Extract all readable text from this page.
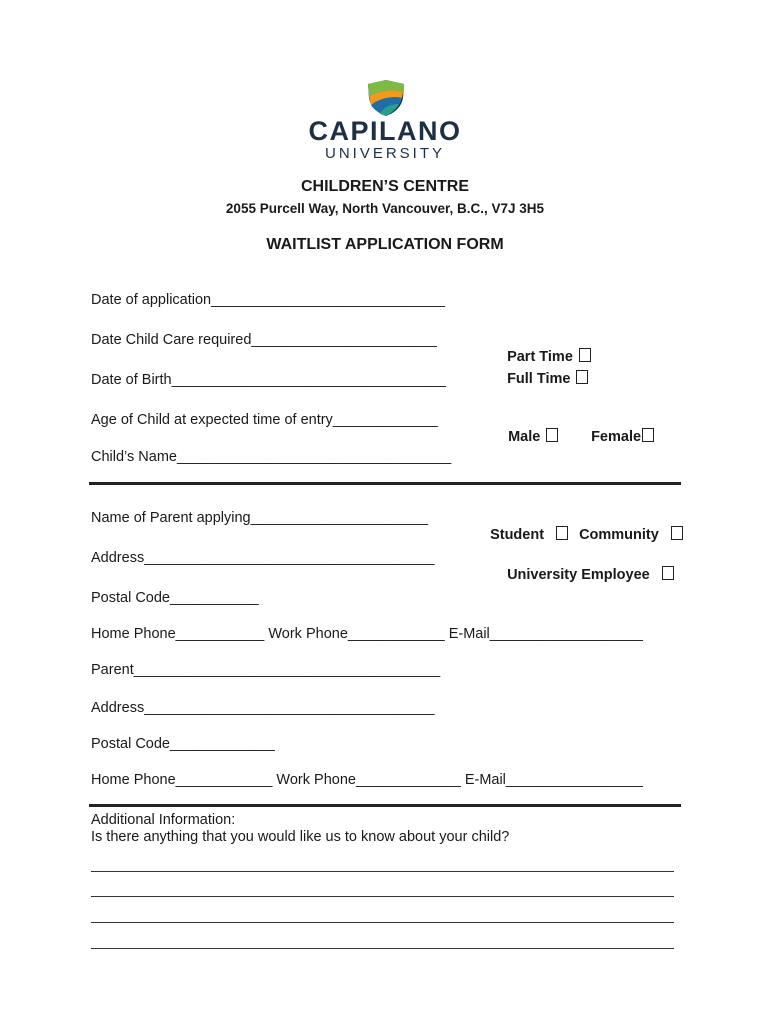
CAPILANO
UNIVERSITY
CHILDREN’S CENTRE
2055 Purcell Way, North Vancouver, B.C., V7J 3H5
WAITLIST APPLICATION FORM
Date of application_____________________________
Date Child Care required_______________________

Part Time

Full Time

Date of Birth__________________________________
Age of Child at expected time of entry_____________

Male	Female

Child’s Name__________________________________
Name of Parent applying______________________

Student	Community

Address____________________________________

University Employee

Postal Code___________
Home Phone___________ Work Phone____________ E-Mail___________________
Parent______________________________________
Address____________________________________
Postal Code_____________
Home Phone____________ Work Phone_____________ E-Mail_________________
Additional Information:
Is there anything that you would like us to know about your child?
